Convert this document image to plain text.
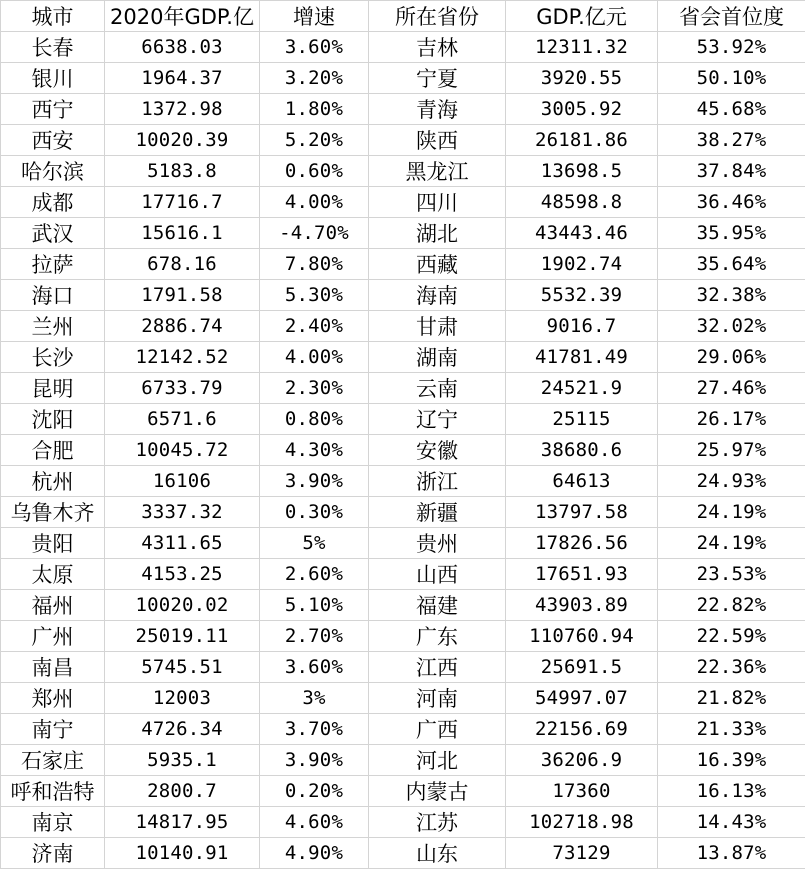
城市	2020年GDP.亿	增速	所在省份	GDP.亿元	省会首位度
长春	6638.03	3.60%	吉林	12311.32	53.92%
银川	1964.37	3.20%	宁夏	3920.55	50.10%
西宁	1372.98	1.80%	青海	3005.92	45.68%
西安	10020.39	5.20%	陕西	26181.86	38.27%
哈尔滨	5183.8	0.60%	黑龙江	13698.5	37.84%
成都	17716.7	4.00%	四川	48598.8	36.46%
武汉	15616.1	-4.70%	湖北	43443.46	35.95%
拉萨	678.16	7.80%	西藏	1902.74	35.64%
海口	1791.58	5.30%	海南	5532.39	32.38%
兰州	2886.74	2.40%	甘肃	9016.7	32.02%
长沙	12142.52	4.00%	湖南	41781.49	29.06%
昆明	6733.79	2.30%	云南	24521.9	27.46%
沈阳	6571.6	0.80%	辽宁	25115	26.17%
合肥	10045.72	4.30%	安徽	38680.6	25.97%
杭州	16106	3.90%	浙江	64613	24.93%
乌鲁木齐	3337.32	0.30%	新疆	13797.58	24.19%
贵阳	4311.65	5%	贵州	17826.56	24.19%
太原	4153.25	2.60%	山西	17651.93	23.53%
福州	10020.02	5.10%	福建	43903.89	22.82%
广州	25019.11	2.70%	广东	110760.94	22.59%
南昌	5745.51	3.60%	江西	25691.5	22.36%
郑州	12003	3%	河南	54997.07	21.82%
南宁	4726.34	3.70%	广西	22156.69	21.33%
石家庄	5935.1	3.90%	河北	36206.9	16.39%
呼和浩特	2800.7	0.20%	内蒙古	17360	16.13%
南京	14817.95	4.60%	江苏	102718.98	14.43%
济南	10140.91	4.90%	山东	73129	13.87%
